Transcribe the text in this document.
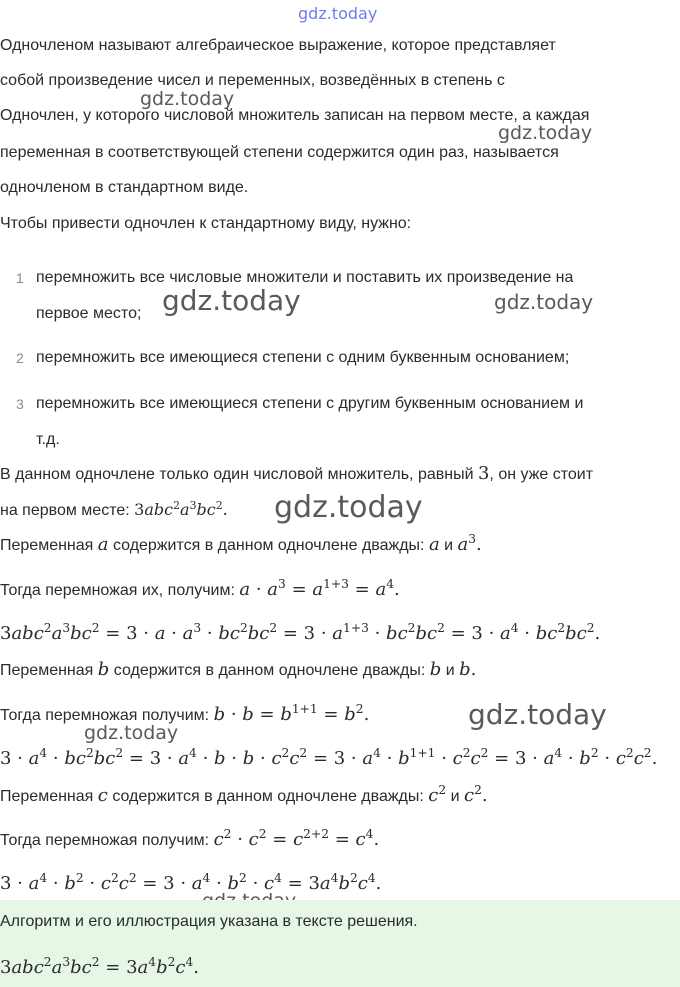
gdz.today
gdz.today
gdz.today
gdz.today	gdz.today
gdz.today
gdz.today
gdz.today
Одночленом называют алгебраическое выражение, которое представляет
собой произведение чисел и переменных, возведённых в степень с
Одночлен, у которого числовой множитель записан на первом месте, а каждая
переменная в соответствующей степени содержится один раз, называется
одночленом в стандартном виде.
Чтобы привести одночлен к стандартному виду, нужно:
1 перемножить все числовые множители и поставить их произведение на
первое место;
2 перемножить все имеющиеся степени с одним буквенным основанием;
3 перемножить все имеющиеся степени с другим буквенным основанием и
т.д.
В данном одночлене только один числовой множитель, равный 3, он уже стоит
на первом месте: $3abc^2a^3bc^2$.
Переменная a содержится в данном одночлене дважды: a и $a^3$.
Тогда перемножая их, получим: $a \cdot a^3 = a^{1+3} = a^4$.
$3abc^2a^3bc^2 = 3 \cdot a \cdot a^3 \cdot bc^2bc^2 = 3 \cdot a^{1+3} \cdot bc^2bc^2 = 3 \cdot a^4 \cdot bc^2bc^2$.
Переменная b содержится в данном одночлене дважды: b и b.
Тогда перемножая получим: $b \cdot b = b^{1+1} = b^2$.
$3 \cdot a^4 \cdot bc^2bc^2 = 3 \cdot a^4 \cdot b \cdot b \cdot c^2c^2 = 3 \cdot a^4 \cdot b^{1+1} \cdot c^2c^2 = 3 \cdot a^4 \cdot b^2 \cdot c^2c^2$.
Переменная c содержится в данном одночлене дважды: $c^2$ и $c^2$.
Тогда перемножая получим: $c^2 \cdot c^2 = c^{2+2} = c^4$.
$3 \cdot a^4 \cdot b^2 \cdot c^2c^2 = 3 \cdot a^4 \cdot b^2 \cdot c^4 = 3a^4b^2c^4$.
Алгоритм и его иллюстрация указана в тексте решения.
$3abc^2a^3bc^2 = 3a^4b^2c^4$.
